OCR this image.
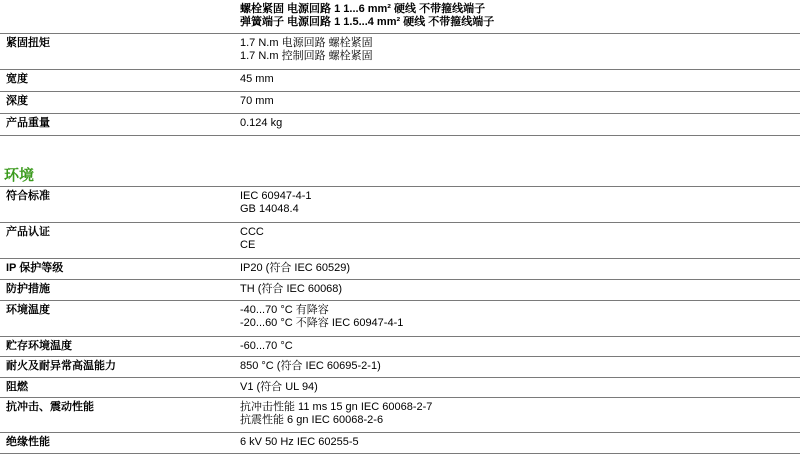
螺栓紧固 电源回路 1 1...6 mm² 硬线 不带箍线端子
弹簧端子 电源回路 1 1.5...4 mm² 硬线 不带箍线端子
紧固扭矩	1.7 N.m 电源回路 螺栓紧固
1.7 N.m 控制回路 螺栓紧固
宽度	45 mm
深度	70 mm
产品重量	0.124 kg
环境
符合标准	IEC 60947-4-1
GB 14048.4
产品认证	CCC
CE
IP 保护等级	IP20 (符合 IEC 60529)
防护措施	TH (符合 IEC 60068)
环境温度	-40...70 °C 有降容
-20...60 °C 不降容 IEC 60947-4-1
贮存环境温度	-60...70 °C
耐火及耐异常高温能力	850 °C (符合 IEC 60695-2-1)
阻燃	V1 (符合 UL 94)
抗冲击、震动性能	抗冲击性能 11 ms 15 gn IEC 60068-2-7
抗震性能 6 gn IEC 60068-2-6
绝缘性能	6 kV 50 Hz IEC 60255-5
